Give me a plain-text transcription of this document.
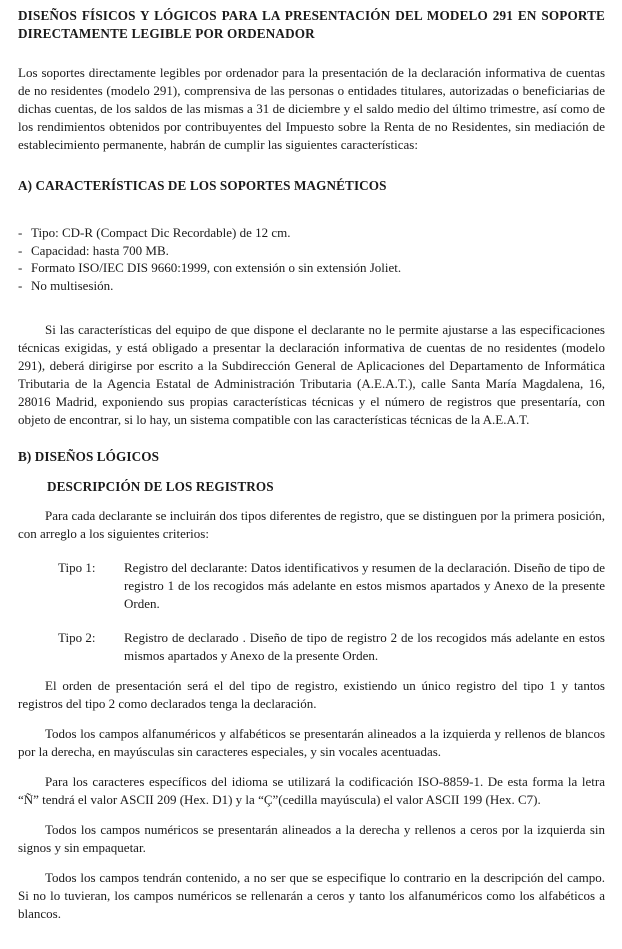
DISEÑOS FÍSICOS Y LÓGICOS PARA LA PRESENTACIÓN DEL MODELO 291 EN SOPORTE DIRECTAMENTE LEGIBLE POR ORDENADOR

Los soportes directamente legibles por ordenador para la presentación de la declaración informativa de cuentas de no residentes (modelo 291), comprensiva de las personas o entidades titulares, autorizadas o beneficiarias de dichas cuentas, de los saldos de las mismas a 31 de diciembre y el saldo medio del último trimestre, así como de los rendimientos obtenidos por contribuyentes del Impuesto sobre la Renta de no Residentes, sin mediación de establecimiento permanente, habrán de cumplir las siguientes características:

A) CARACTERÍSTICAS DE LOS SOPORTES MAGNÉTICOS
- Tipo: CD-R (Compact Dic Recordable) de 12 cm.
- Capacidad: hasta 700 MB.
- Formato ISO/IEC DIS 9660:1999, con extensión o sin extensión Joliet.
- No multisesión.

Si las características del equipo de que dispone el declarante no le permite ajustarse a las especificaciones técnicas exigidas, y está obligado a presentar la declaración informativa de cuentas de no residentes (modelo 291), deberá dirigirse por escrito a la Subdirección General de Aplicaciones del Departamento de Informática Tributaria de la Agencia Estatal de Administración Tributaria (A.E.A.T.), calle Santa María Magdalena, 16, 28016 Madrid, exponiendo sus propias características técnicas y el número de registros que presentaría, con objeto de encontrar, si lo hay, un sistema compatible con las características técnicas de la A.E.A.T.

B) DISEÑOS LÓGICOS
DESCRIPCIÓN DE LOS REGISTROS

Para cada declarante se incluirán dos tipos diferentes de registro, que se distinguen por la primera posición, con arreglo a los siguientes criterios:

Tipo 1:	Registro del declarante: Datos identificativos y resumen de la declaración. Diseño de tipo de registro 1 de los recogidos más adelante en estos mismos apartados y Anexo de la presente Orden.
Tipo 2:	Registro de declarado . Diseño de tipo de registro 2 de los recogidos más adelante en estos mismos apartados y Anexo de la presente Orden.

El orden de presentación será el del tipo de registro, existiendo un único registro del tipo 1 y tantos registros del tipo 2 como declarados tenga la declaración.

Todos los campos alfanuméricos y alfabéticos se presentarán alineados a la izquierda y rellenos de blancos por la derecha, en mayúsculas sin caracteres especiales, y sin vocales acentuadas.

Para los caracteres específicos del idioma se utilizará la codificación ISO-8859-1. De esta forma la letra “Ñ” tendrá el valor ASCII 209 (Hex. D1) y la “Ç”(cedilla mayúscula) el valor ASCII 199 (Hex. C7).

Todos los campos numéricos se presentarán alineados a la derecha y rellenos a ceros por la izquierda sin signos y sin empaquetar.

Todos los campos tendrán contenido, a no ser que se especifique lo contrario en la descripción del campo. Si no lo tuvieran, los campos numéricos se rellenarán a ceros y tanto los alfanuméricos como los alfabéticos a blancos.
